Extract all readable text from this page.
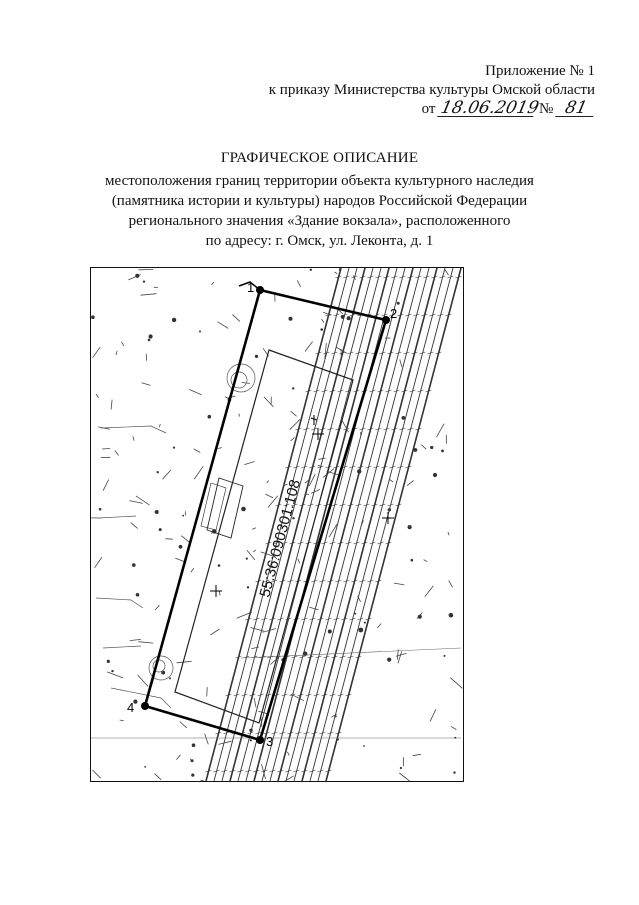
Приложение № 1
к приказу Министерства культуры Омской области
от 18.06.2019 № 81
ГРАФИЧЕСКОЕ ОПИСАНИЕ
местоположения границ территории объекта культурного наследия
(памятника истории и культуры) народов Российской Федерации
регионального значения «Здание вокзала», расположенного
по адресу: г. Омск, ул. Леконта, д. 1
1
2
3
4
55:36:090301:108
